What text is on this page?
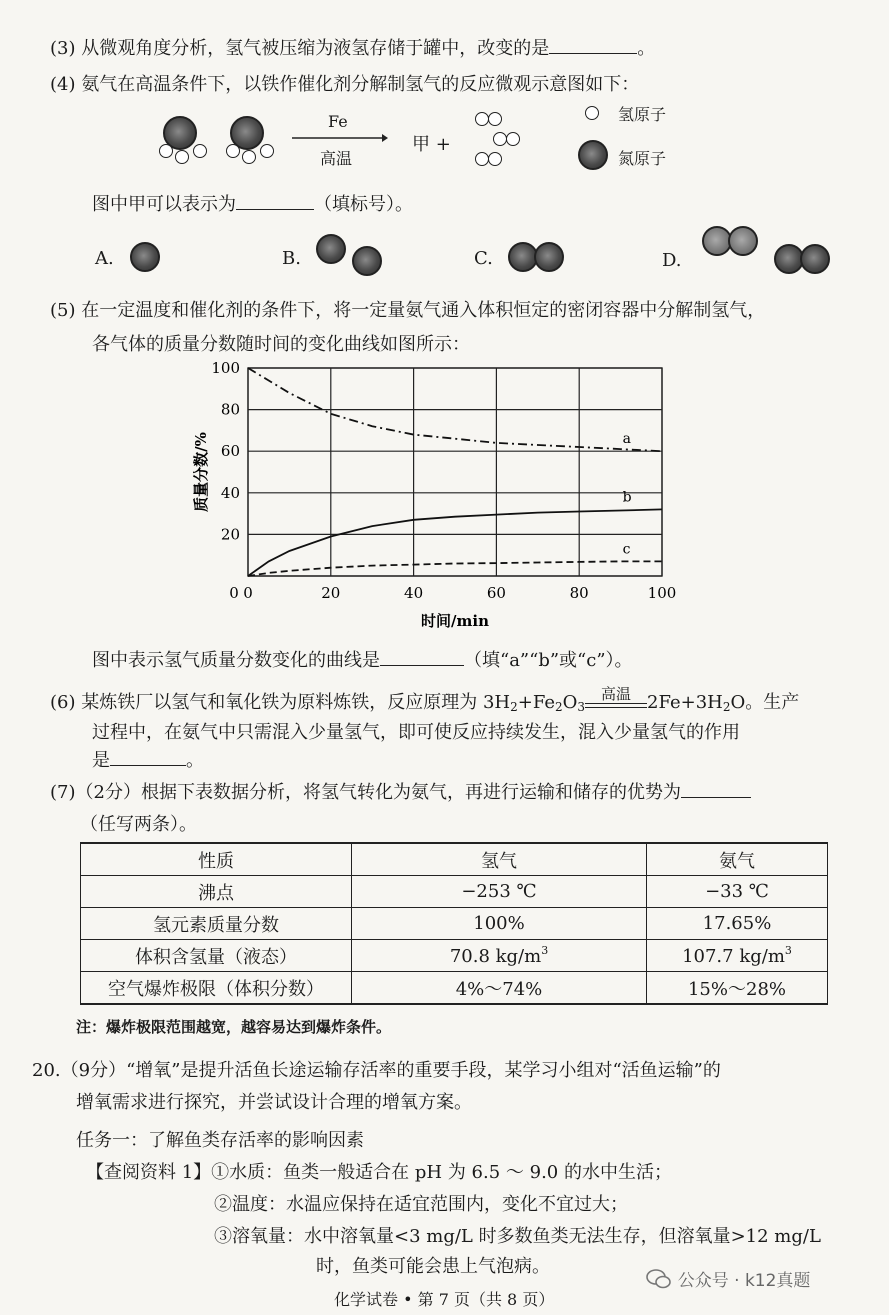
(3) 从微观角度分析，氢气被压缩为液氢存储于罐中，改变的是	。
(4) 氨气在高温条件下，以铁作催化剂分解制氢气的反应微观示意图如下：
Fe
高温
甲 +
氢原子
氮原子
图中甲可以表示为	（填标号）。
A.	B.	C.	D.
(5) 在一定温度和催化剂的条件下，将一定量氨气通入体积恒定的密闭容器中分解制氢气，
各气体的质量分数随时间的变化曲线如图所示：
0	20	40	60	80	100
20
40
60
80
100
时间/min
质量分数/%	a
b
c
0
图中表示氢气质量分数变化的曲线是	（填“a”“b”或“c”）。
(6) 某炼铁厂以氢气和氧化铁为原料炼铁，反应原理为 $3H_2+Fe_2O_3$
高温 $2Fe+3H_2O$。生产
过程中，在氨气中只需混入少量氢气，即可使反应持续发生，混入少量氢气的作用
是	。
(7)（2分）根据下表数据分析，将氢气转化为氨气，再进行运输和储存的优势为
（任写两条）。
性质	氢气	氨气
沸点	−253 ℃	−33 ℃
氢元素质量分数	100%	17.65%
体积含氢量（液态）	70.8 $kg/m^3$	107.7 $kg/m^3$
空气爆炸极限（体积分数）	4%～74%	15%～28%
注：爆炸极限范围越宽，越容易达到爆炸条件。
20.（9分）“增氧”是提升活鱼长途运输存活率的重要手段，某学习小组对“活鱼运输”的
增氧需求进行探究，并尝试设计合理的增氧方案。
任务一：了解鱼类存活率的影响因素
【查阅资料 1】①水质：鱼类一般适合在 pH 为 6.5 ～ 9.0 的水中生活；
②温度：水温应保持在适宜范围内，变化不宜过大；
③溶氧量：水中溶氧量<3 mg/L 时多数鱼类无法生存，但溶氧量>12 mg/L
时，鱼类可能会患上气泡病。
化学试卷 • 第 7 页（共 8 页）
公众号 · k12真题
